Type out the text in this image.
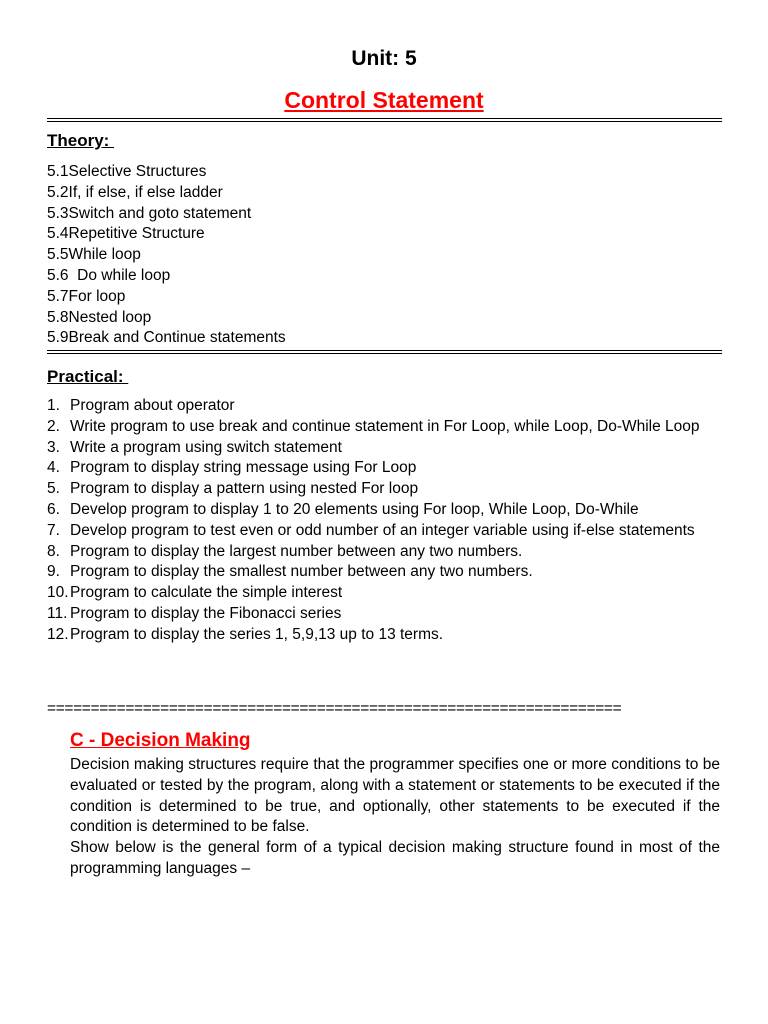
Unit: 5
Control Statement
Theory:
5.1Selective Structures
5.2If, if else, if else ladder
5.3Switch and goto statement
5.4Repetitive Structure
5.5While loop
5.6  Do while loop
5.7For loop
5.8Nested loop
5.9Break and Continue statements
Practical:
1. Program about operator
2. Write program to use break and continue statement in For Loop, while Loop, Do-While Loop
3. Write a program using switch statement
4. Program to display string message using For Loop
5. Program to display a pattern using nested For loop
6. Develop program to display 1 to 20 elements using For loop, While Loop, Do-While
7. Develop program to test even or odd number of an integer variable using if-else statements
8. Program to display the largest number between any two numbers.
9. Program to display the smallest number between any two numbers.
10. Program to calculate the simple interest
11. Program to display the Fibonacci series
12. Program to display the series 1, 5,9,13 up to 13 terms.
==================================================================
C - Decision Making

Decision making structures require that the programmer specifies one or more conditions to be evaluated or tested by the program, along with a statement or statements to be executed if the condition is determined to be true, and optionally, other statements to be executed if the condition is determined to be false.

Show below is the general form of a typical decision making structure found in most of the programming languages –
